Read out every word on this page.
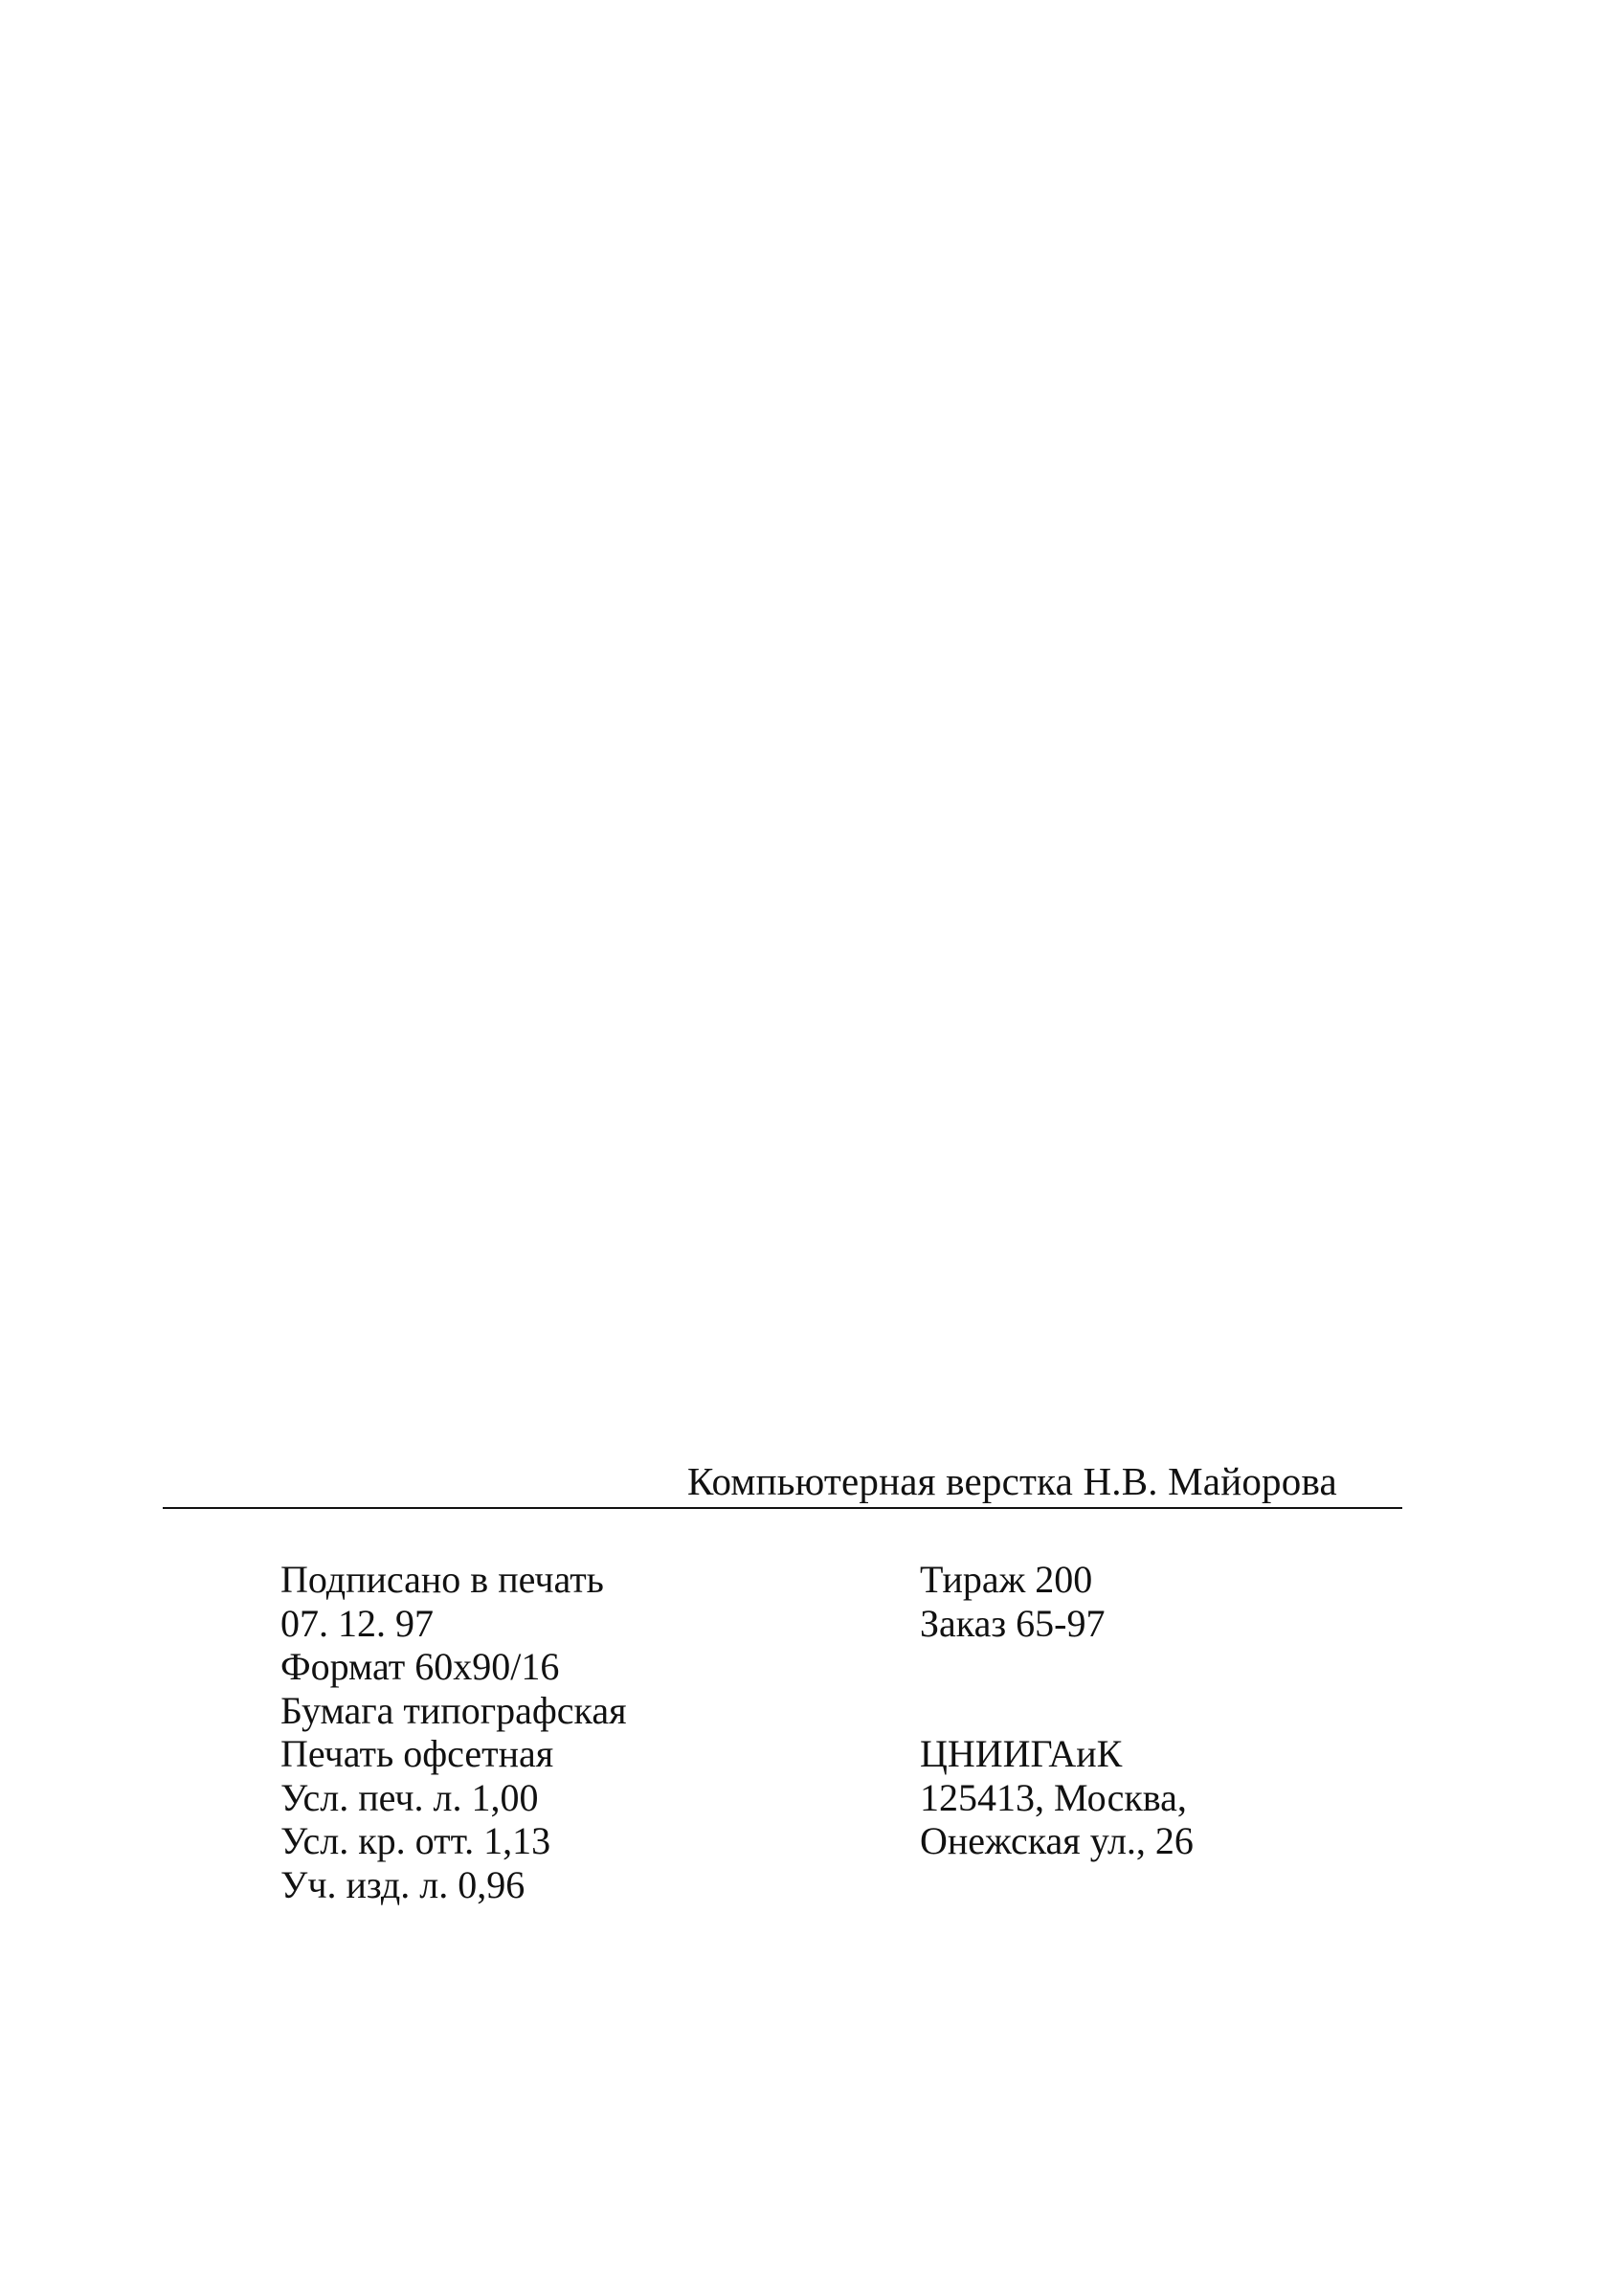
Компьютерная верстка Н.В. Майорова
Подписано в печать
07. 12. 97
Формат 60x90/16
Бумага типографская
Печать офсетная
Усл. печ. л. 1,00
Усл. кр. отт. 1,13
Уч. изд. л. 0,96
Тираж 200
Заказ 65-97
ЦНИИГАиК
125413, Москва,
Онежская ул., 26
